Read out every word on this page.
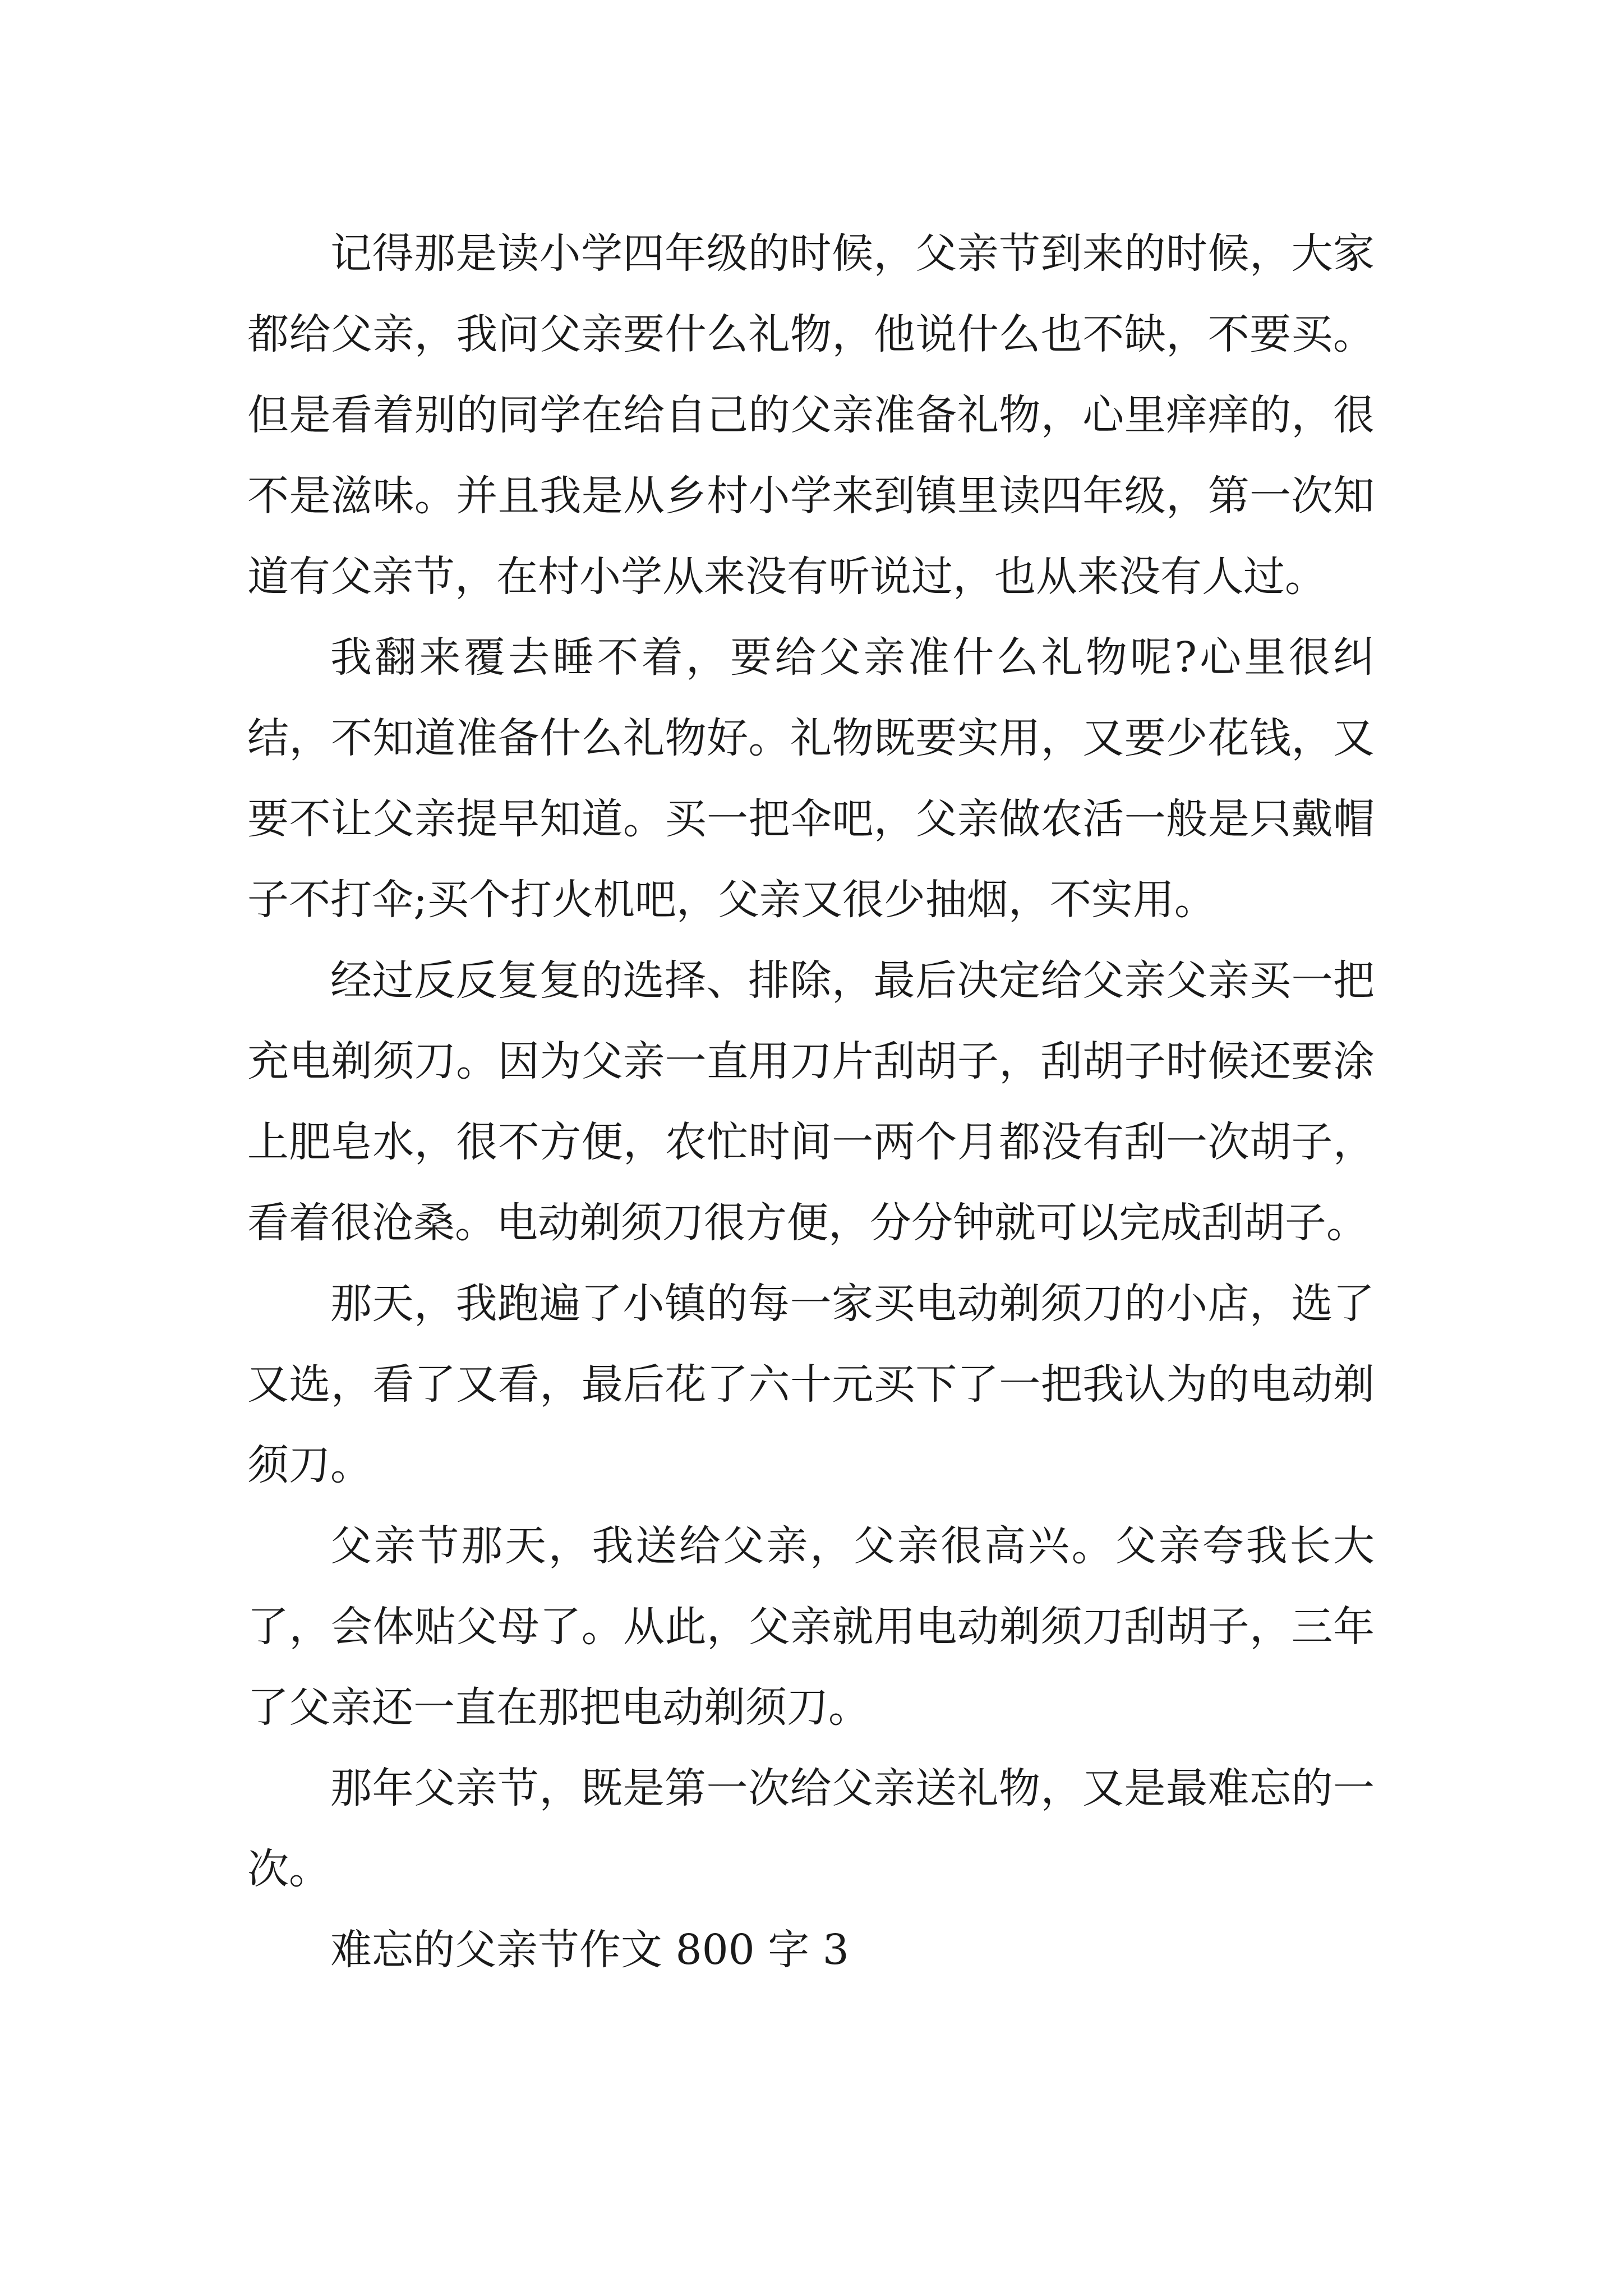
记得那是读小学四年级的时候，父亲节到来的时候，大家都给父亲，我问父亲要什么礼物，他说什么也不缺，不要买。但是看着别的同学在给自己的父亲准备礼物，心里痒痒的，很不是滋味。并且我是从乡村小学来到镇里读四年级，第一次知道有父亲节，在村小学从来没有听说过，也从来没有人过。

我翻来覆去睡不着，要给父亲准什么礼物呢?心里很纠结，不知道准备什么礼物好。礼物既要实用，又要少花钱，又要不让父亲提早知道。买一把伞吧，父亲做农活一般是只戴帽子不打伞;买个打火机吧，父亲又很少抽烟，不实用。

经过反反复复的选择、排除，最后决定给父亲父亲买一把充电剃须刀。因为父亲一直用刀片刮胡子，刮胡子时候还要涂上肥皂水，很不方便，农忙时间一两个月都没有刮一次胡子，看着很沧桑。电动剃须刀很方便，分分钟就可以完成刮胡子。

那天，我跑遍了小镇的每一家买电动剃须刀的小店，选了又选，看了又看，最后花了六十元买下了一把我认为的电动剃须刀。

父亲节那天，我送给父亲，父亲很高兴。父亲夸我长大了，会体贴父母了。从此，父亲就用电动剃须刀刮胡子，三年了父亲还一直在那把电动剃须刀。

那年父亲节，既是第一次给父亲送礼物，又是最难忘的一次。

难忘的父亲节作文 800 字 3
